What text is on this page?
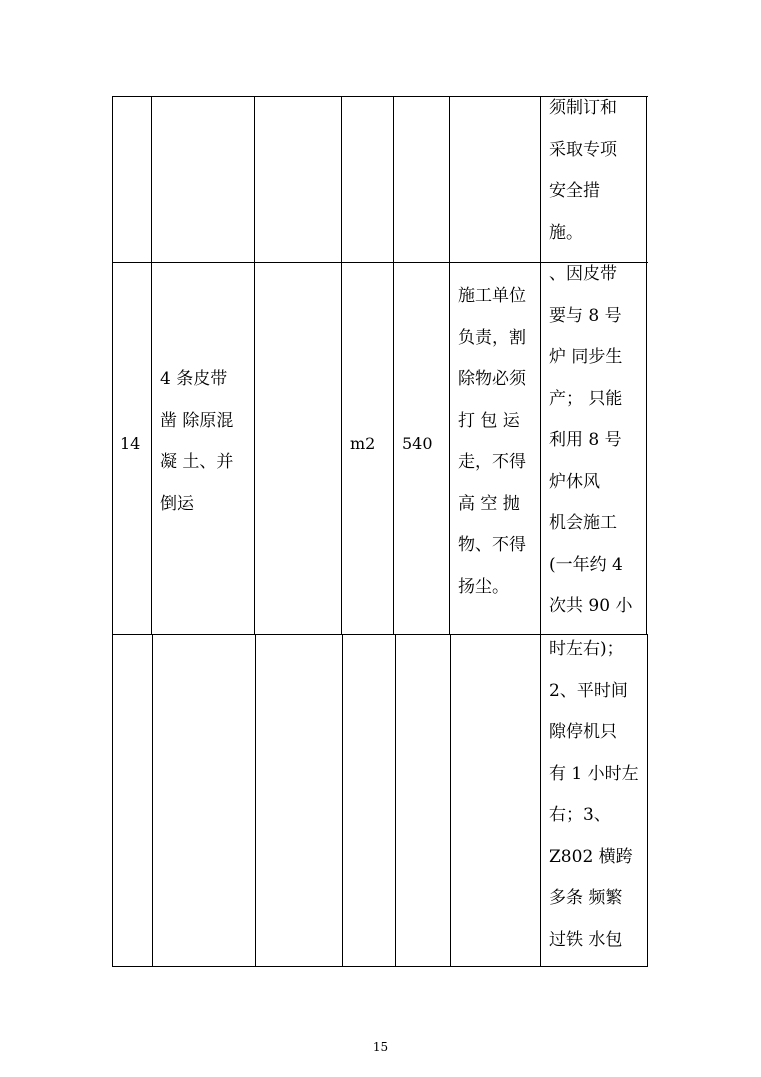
须制订和
采取专项
安全措
施。
14
4 条皮带
凿 除原混
凝 土、并
倒运
m2 540
施工单位
负责，割
除物必须
打 包 运
走，不得
高 空 抛
物、不得
扬尘。
、因皮带
要与 8 号
炉 同步生
产； 只能
利用 8 号
炉休风
机会施工
(一年约 4
次共 90 小
时左右)；
2、平时间
隙停机只
有 1 小时左
右；3、
Z802 横跨
多条 频繁
过铁 水包
15
